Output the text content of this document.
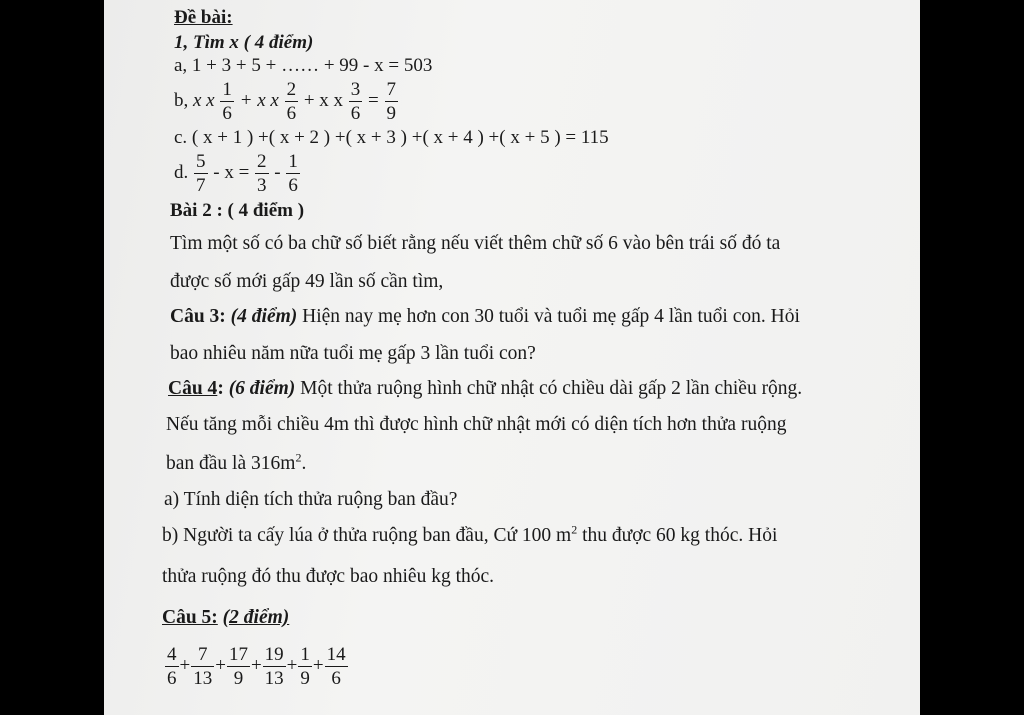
Đề bài:
1, Tìm x ( 4 điểm)
a, 1 + 3 + 5 + …… + 99 - x = 503
b, x x $\frac{1}{6} + x$ x $\frac{2}{6} + x$ x $\frac{3}{6} = \frac{7}{9}$
c. ( x + 1 ) +( x + 2 ) +( x + 3 ) +( x + 4 ) +( x + 5 ) = 115
d. $\frac{5}{7} - x = \frac{2}{3} - \frac{1}{6}$
Bài 2 : ( 4 điểm )
Tìm một số có ba chữ số biết rằng nếu viết thêm chữ số 6 vào bên trái số đó ta
được số mới gấp 49 lần số cần tìm,
Câu 3: (4 điểm) Hiện nay mẹ hơn con 30 tuổi và tuổi mẹ gấp 4 lần tuổi con. Hỏi
bao nhiêu năm nữa tuổi mẹ gấp 3 lần tuổi con?
Câu 4: (6 điểm) Một thửa ruộng hình chữ nhật có chiều dài gấp 2 lần chiều rộng.
Nếu tăng mỗi chiều 4m thì được hình chữ nhật mới có diện tích hơn thửa ruộng
ban đầu là $316m^2$.
a) Tính diện tích thửa ruộng ban đầu?
b) Người ta cấy lúa ở thửa ruộng ban đầu, Cứ 100 $m^2$ thu được 60 kg thóc. Hỏi
thửa ruộng đó thu được bao nhiêu kg thóc.
Câu 5: (2 điểm)
$\frac{4}{6} + \frac{7}{13} + \frac{17}{9} + \frac{19}{13} + \frac{1}{9} + \frac{14}{6}$
